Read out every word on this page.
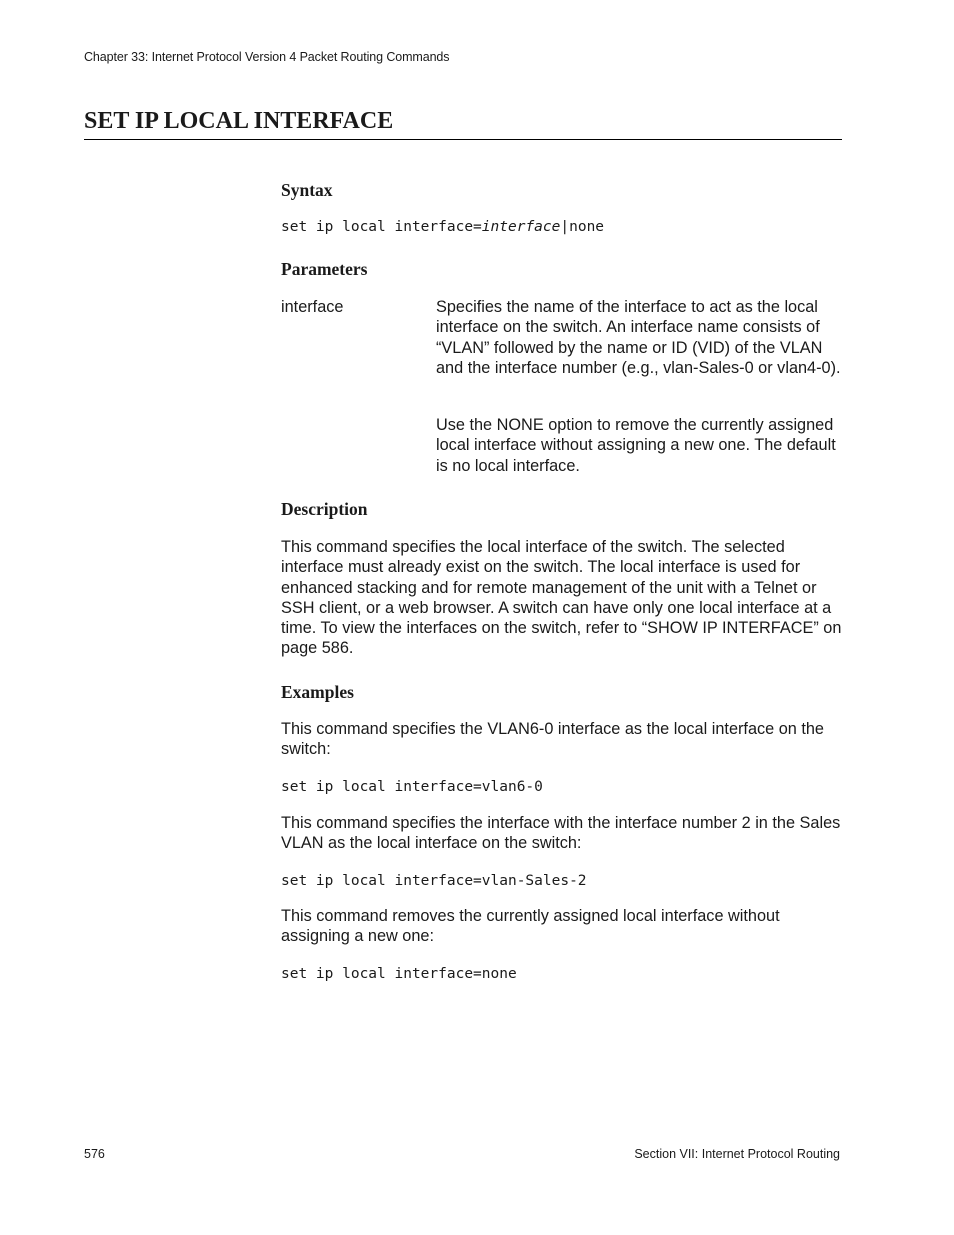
Chapter 33: Internet Protocol Version 4 Packet Routing Commands
SET IP LOCAL INTERFACE
Syntax
set ip local interface=interface|none
Parameters
interface	Specifies the name of the interface to act as the local interface on the switch. An interface name consists of “VLAN” followed by the name or ID (VID) of the VLAN and the interface number (e.g., vlan-Sales-0 or vlan4-0).

Use the NONE option to remove the currently assigned local interface without assigning a new one. The default is no local interface.

Description

This command specifies the local interface of the switch. The selected interface must already exist on the switch. The local interface is used for enhanced stacking and for remote management of the unit with a Telnet or SSH client, or a web browser. A switch can have only one local interface at a time. To view the interfaces on the switch, refer to “SHOW IP INTERFACE” on page 586.

Examples

This command specifies the VLAN6-0 interface as the local interface on the switch:

set ip local interface=vlan6-0

This command specifies the interface with the interface number 2 in the Sales VLAN as the local interface on the switch:

set ip local interface=vlan-Sales-2

This command removes the currently assigned local interface without assigning a new one:

set ip local interface=none
576	Section VII: Internet Protocol Routing
